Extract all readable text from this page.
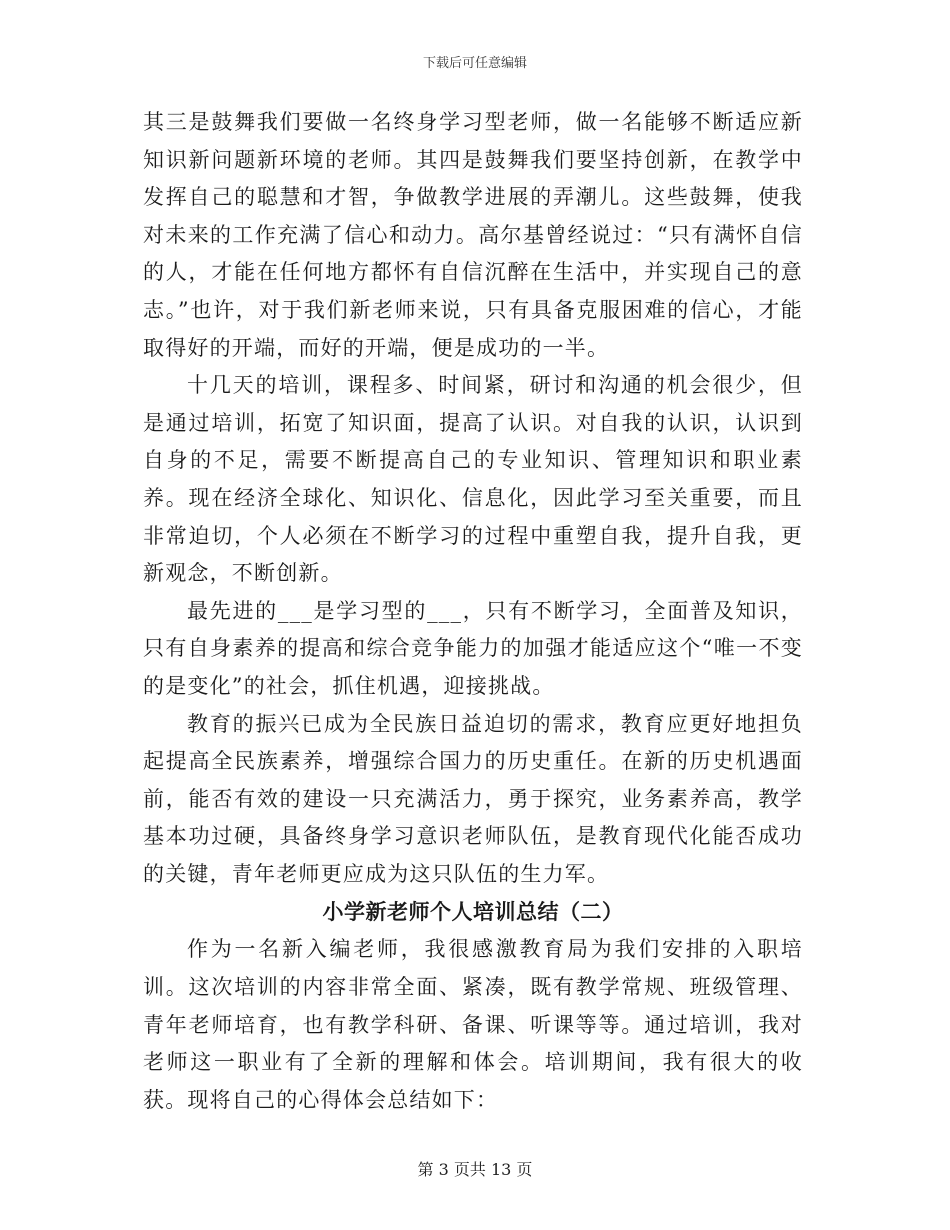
下载后可任意编辑

其三是鼓舞我们要做一名终身学习型老师，做一名能够不断适应新知识新问题新环境的老师。其四是鼓舞我们要坚持创新，在教学中发挥自己的聪慧和才智，争做教学进展的弄潮儿。这些鼓舞，使我对未来的工作充满了信心和动力。高尔基曾经说过：“只有满怀自信的人，才能在任何地方都怀有自信沉醉在生活中，并实现自己的意志。”也许，对于我们新老师来说，只有具备克服困难的信心，才能取得好的开端，而好的开端，便是成功的一半。

十几天的培训，课程多、时间紧，研讨和沟通的机会很少，但是通过培训，拓宽了知识面，提高了认识。对自我的认识，认识到自身的不足，需要不断提高自己的专业知识、管理知识和职业素养。现在经济全球化、知识化、信息化，因此学习至关重要，而且非常迫切，个人必须在不断学习的过程中重塑自我，提升自我，更新观念，不断创新。

最先进的___是学习型的___，只有不断学习，全面普及知识，只有自身素养的提高和综合竞争能力的加强才能适应这个“唯一不变的是变化”的社会，抓住机遇，迎接挑战。

教育的振兴已成为全民族日益迫切的需求，教育应更好地担负起提高全民族素养，增强综合国力的历史重任。在新的历史机遇面前，能否有效的建设一只充满活力，勇于探究，业务素养高，教学基本功过硬，具备终身学习意识老师队伍，是教育现代化能否成功的关键，青年老师更应成为这只队伍的生力军。

小学新老师个人培训总结（二）

作为一名新入编老师，我很感激教育局为我们安排的入职培训。这次培训的内容非常全面、紧凑，既有教学常规、班级管理、青年老师培育，也有教学科研、备课、听课等等。通过培训，我对老师这一职业有了全新的理解和体会。培训期间，我有很大的收获。现将自己的心得体会总结如下：

第 3 页共 13 页
